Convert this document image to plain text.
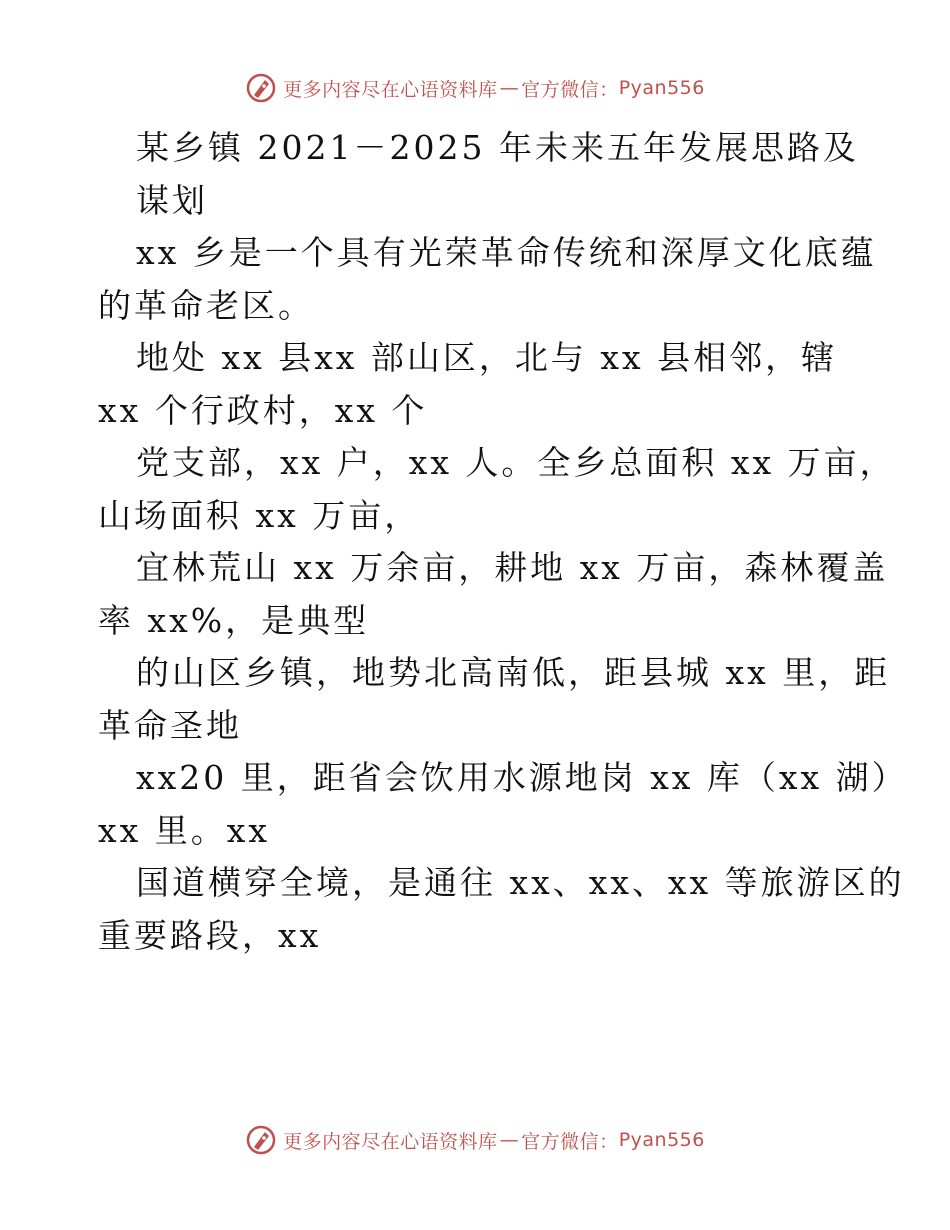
更多内容尽在心语资料库 — 官方微信： Pyan556
某乡镇 2021－2025 年未来五年发展思路及
谋划
xx 乡是一个具有光荣革命传统和深厚文化底蕴
的革命老区。
地处 xx 县xx 部山区，北与 xx 县相邻，辖
xx 个行政村，xx 个
党支部，xx 户，xx 人。全乡总面积 xx 万亩，
山场面积 xx 万亩，
宜林荒山 xx 万余亩，耕地 xx 万亩，森林覆盖
率 xx%，是典型
的山区乡镇，地势北高南低，距县城 xx 里，距
革命圣地
xx20 里，距省会饮用水源地岗 xx 库（xx 湖）
xx 里。xx
国道横穿全境，是通往 xx、xx、xx 等旅游区的
重要路段，xx
更多内容尽在心语资料库 — 官方微信： Pyan556
